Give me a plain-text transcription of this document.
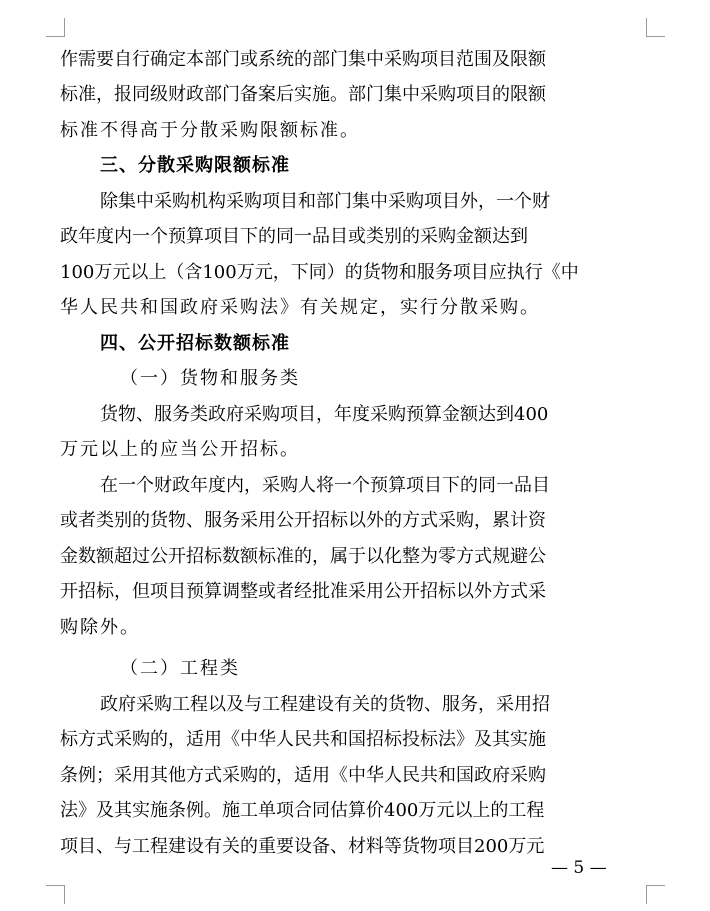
作需要自行确定本部门或系统的部门集中采购项目范围及限额
标准，报同级财政部门备案后实施。部门集中采购项目的限额
标准不得高于分散采购限额标准。
三、分散采购限额标准
除集中采购机构采购项目和部门集中采购项目外，一个财
政年度内一个预算项目下的同一品目或类别的采购金额达到
100万元以上（含100万元，下同）的货物和服务项目应执行《中
华人民共和国政府采购法》有关规定，实行分散采购。
四、公开招标数额标准
（一）货物和服务类
货物、服务类政府采购项目，年度采购预算金额达到400
万元以上的应当公开招标。
在一个财政年度内，采购人将一个预算项目下的同一品目
或者类别的货物、服务采用公开招标以外的方式采购，累计资
金数额超过公开招标数额标准的，属于以化整为零方式规避公
开招标，但项目预算调整或者经批准采用公开招标以外方式采
购除外。
（二）工程类
政府采购工程以及与工程建设有关的货物、服务，采用招
标方式采购的，适用《中华人民共和国招标投标法》及其实施
条例；采用其他方式采购的，适用《中华人民共和国政府采购
法》及其实施条例。施工单项合同估算价400万元以上的工程
项目、与工程建设有关的重要设备、材料等货物项目200万元
— 5 —
